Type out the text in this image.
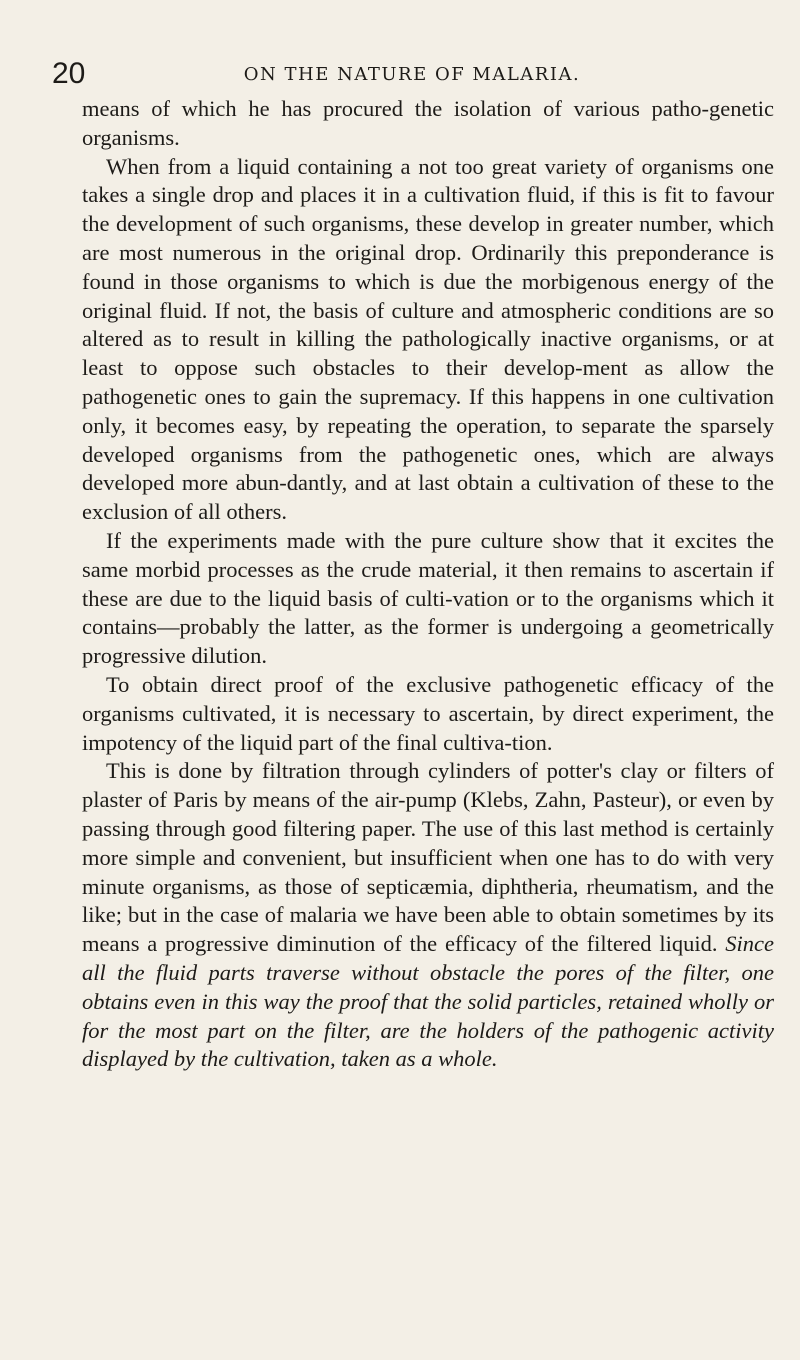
20	ON THE NATURE OF MALARIA.

means of which he has procured the isolation of various patho-genetic organisms.

When from a liquid containing a not too great variety of organisms one takes a single drop and places it in a cultivation fluid, if this is fit to favour the development of such organisms, these develop in greater number, which are most numerous in the original drop. Ordinarily this preponderance is found in those organisms to which is due the morbigenous energy of the original fluid. If not, the basis of culture and atmospheric conditions are so altered as to result in killing the pathologically inactive organisms, or at least to oppose such obstacles to their develop-ment as allow the pathogenetic ones to gain the supremacy. If this happens in one cultivation only, it becomes easy, by repeating the operation, to separate the sparsely developed organisms from the pathogenetic ones, which are always developed more abun-dantly, and at last obtain a cultivation of these to the exclusion of all others.

If the experiments made with the pure culture show that it excites the same morbid processes as the crude material, it then remains to ascertain if these are due to the liquid basis of culti-vation or to the organisms which it contains—probably the latter, as the former is undergoing a geometrically progressive dilution.

To obtain direct proof of the exclusive pathogenetic efficacy of the organisms cultivated, it is necessary to ascertain, by direct experiment, the impotency of the liquid part of the final cultiva-tion.

This is done by filtration through cylinders of potter's clay or filters of plaster of Paris by means of the air-pump (Klebs, Zahn, Pasteur), or even by passing through good filtering paper. The use of this last method is certainly more simple and convenient, but insufficient when one has to do with very minute organisms, as those of septicæmia, diphtheria, rheumatism, and the like; but in the case of malaria we have been able to obtain sometimes by its means a progressive diminution of the efficacy of the filtered liquid. Since all the fluid parts traverse without obstacle the pores of the filter, one obtains even in this way the proof that the solid particles, retained wholly or for the most part on the filter, are the holders of the pathogenic activity displayed by the cultivation, taken as a whole.
